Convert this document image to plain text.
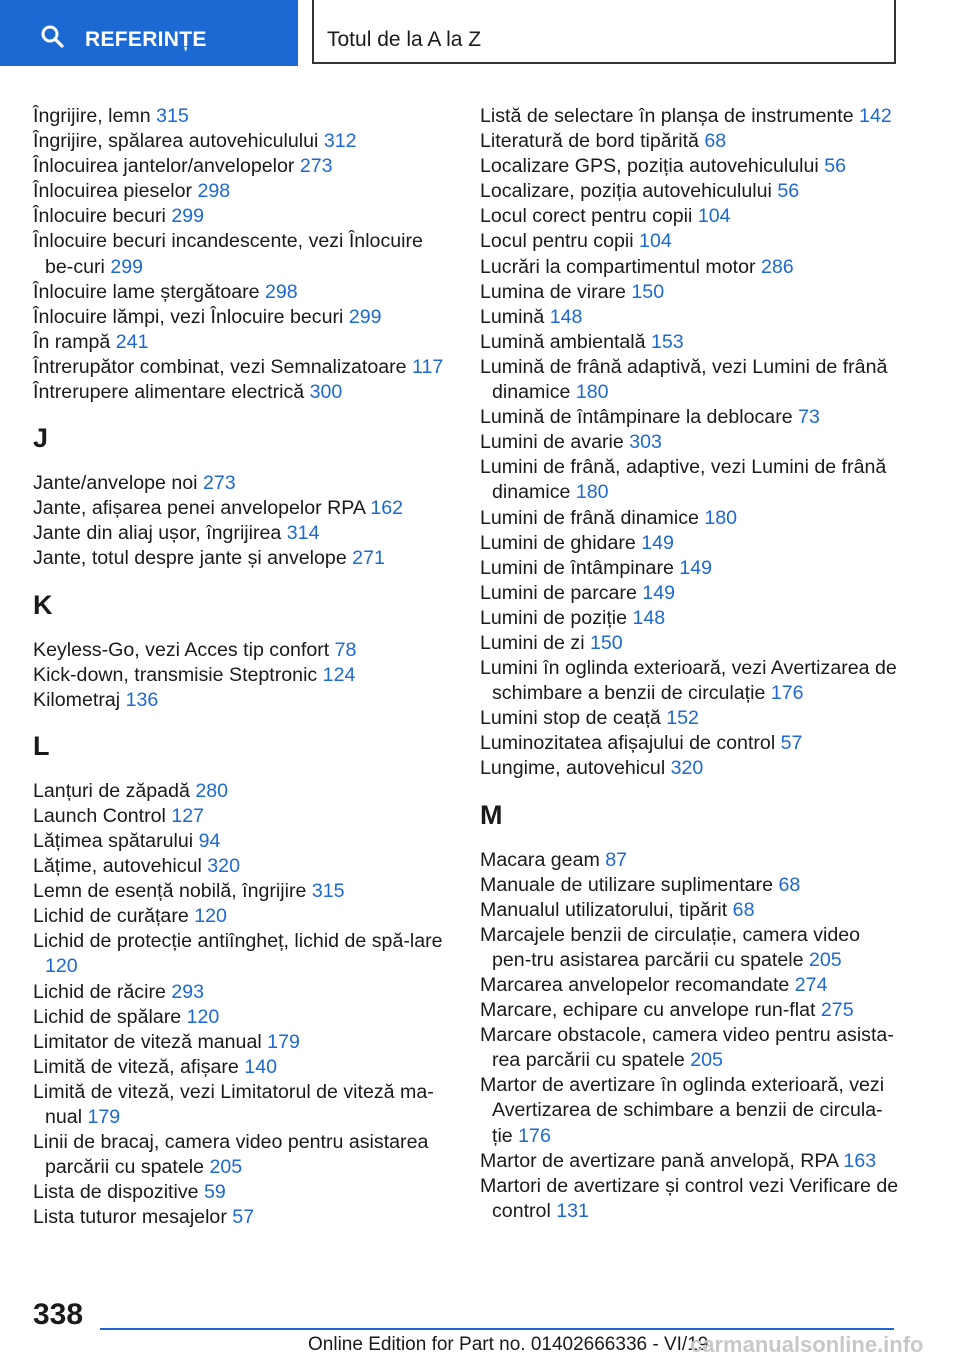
REFERINȚE	Totul de la A la Z
Îngrijire, lemn 315
Îngrijire, spălarea autovehiculului 312
Înlocuirea jantelor/anvelopelor 273
Înlocuirea pieselor 298
Înlocuire becuri 299
Înlocuire becuri incandescente, vezi Înlocuire be-curi 299
Înlocuire lame ștergătoare 298
Înlocuire lămpi, vezi Înlocuire becuri 299
În rampă 241
Întrerupător combinat, vezi Semnalizatoare 117
Întrerupere alimentare electrică 300
J
Jante/anvelope noi 273
Jante, afișarea penei anvelopelor RPA 162
Jante din aliaj ușor, îngrijirea 314
Jante, totul despre jante și anvelope 271
K
Keyless-Go, vezi Acces tip confort 78
Kick-down, transmisie Steptronic 124
Kilometraj 136
L
Lanțuri de zăpadă 280
Launch Control 127
Lățimea spătarului 94
Lățime, autovehicul 320
Lemn de esență nobilă, îngrijire 315
Lichid de curățare 120
Lichid de protecție antiîngheț, lichid de spă-lare 120
Lichid de răcire 293
Lichid de spălare 120
Limitator de viteză manual 179
Limită de viteză, afișare 140
Limită de viteză, vezi Limitatorul de viteză ma-nual 179
Linii de bracaj, camera video pentru asistarea parcării cu spatele 205
Lista de dispozitive 59
Lista tuturor mesajelor 57
Listă de selectare în planșa de instrumente 142
Literatură de bord tipărită 68
Localizare GPS, poziția autovehiculului 56
Localizare, poziția autovehiculului 56
Locul corect pentru copii 104
Locul pentru copii 104
Lucrări la compartimentul motor 286
Lumina de virare 150
Lumină 148
Lumină ambientală 153
Lumină de frână adaptivă, vezi Lumini de frână dinamice 180
Lumină de întâmpinare la deblocare 73
Lumini de avarie 303
Lumini de frână, adaptive, vezi Lumini de frână dinamice 180
Lumini de frână dinamice 180
Lumini de ghidare 149
Lumini de întâmpinare 149
Lumini de parcare 149
Lumini de poziție 148
Lumini de zi 150
Lumini în oglinda exterioară, vezi Avertizarea de schimbare a benzii de circulație 176
Lumini stop de ceață 152
Luminozitatea afișajului de control 57
Lungime, autovehicul 320
M
Macara geam 87
Manuale de utilizare suplimentare 68
Manualul utilizatorului, tipărit 68
Marcajele benzii de circulație, camera video pen-tru asistarea parcării cu spatele 205
Marcarea anvelopelor recomandate 274
Marcare, echipare cu anvelope run-flat 275
Marcare obstacole, camera video pentru asista-rea parcării cu spatele 205
Martor de avertizare în oglinda exterioară, vezi Avertizarea de schimbare a benzii de circula-ție 176
Martor de avertizare pană anvelopă, RPA 163
Martori de avertizare și control vezi Verificare de control 131
338
Online Edition for Part no. 01402666336 - VI/19
carmanualsonline.info
